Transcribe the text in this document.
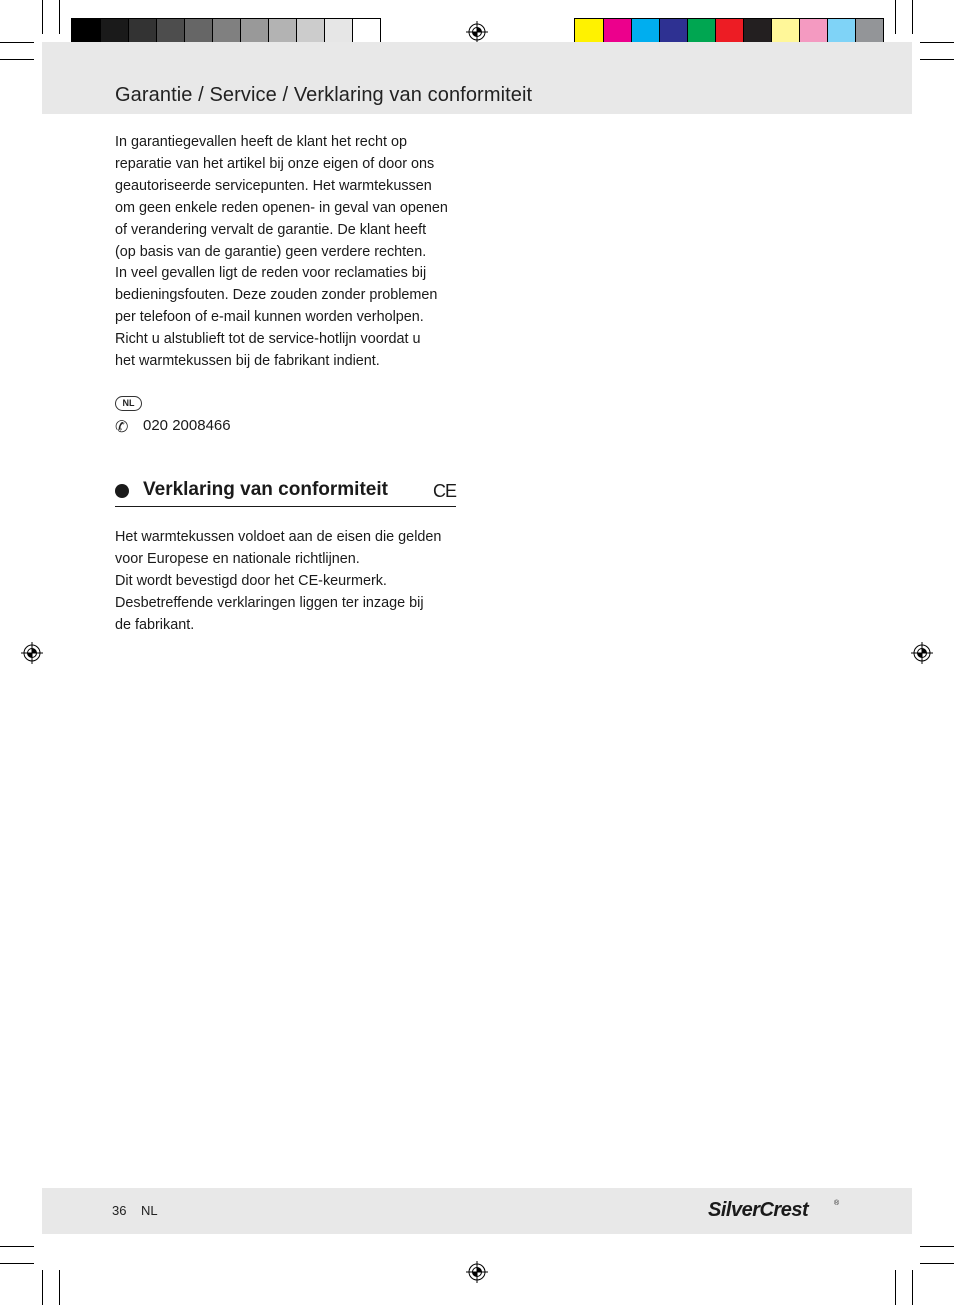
Garantie / Service / Verklaring van conformiteit
In garantiegevallen heeft de klant het recht op
reparatie van het artikel bij onze eigen of door ons
geautoriseerde servicepunten. Het warmtekussen
om geen enkele reden openen- in geval van openen
of verandering vervalt de garantie. De klant heeft
(op basis van de garantie) geen verdere rechten.
In veel gevallen ligt de reden voor reclamaties bij
bedieningsfouten. Deze zouden zonder problemen
per telefoon of e-mail kunnen worden verholpen.
Richt u alstublieft tot de service-hotlijn voordat u
het warmtekussen bij de fabrikant indient.
NL
✆ 020 2008466
Verklaring van conformiteit	CE
Het warmtekussen voldoet aan de eisen die gelden
voor Europese en nationale richtlijnen.
Dit wordt bevestigd door het CE-keurmerk.
Desbetreffende verklaringen liggen ter inzage bij
de fabrikant.
36 NL	SilverCrest	®
